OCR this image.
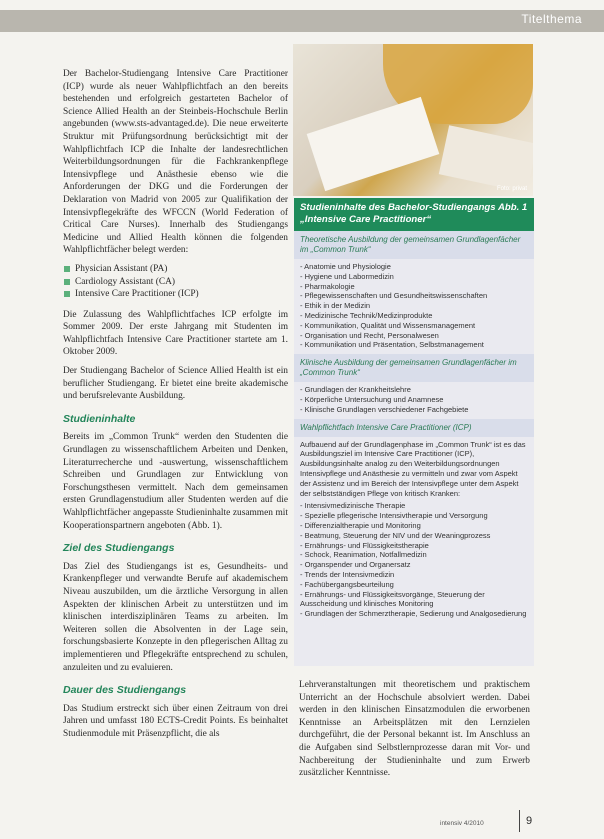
Titelthema

Der Bachelor-Studiengang Intensive Care Practitioner (ICP) wurde als neuer Wahlpflichtfach an den bereits bestehenden und erfolgreich gestarteten Bachelor of Science Allied Health an der Steinbeis-Hochschule Berlin angebunden (www.sts-advantaged.de). Die neue erweiterte Struktur mit Prüfungsordnung berücksichtigt mit der Wahlpflichtfach ICP die Inhalte der landesrechtlichen Weiterbildungsordnungen für die Fachkrankenpflege Intensivpflege und Anästhesie ebenso wie die Anforderungen der DKG und die Forderungen der Deklaration von Madrid von 2005 zur Qualifikation der Intensivpflegekräfte des WFCCN (World Federation of Critical Care Nurses). Innerhalb des Studiengangs Medicine und Allied Health können die folgenden Wahlpflichtfächer belegt werden:

Physician Assistant (PA)
Cardiology Assistant (CA)
Intensive Care Practitioner (ICP)

Die Zulassung des Wahlpflichtfaches ICP erfolgte im Sommer 2009. Der erste Jahrgang mit Studenten im Wahlpflichtfach Intensive Care Practitioner startete am 1. Oktober 2009.

Der Studiengang Bachelor of Science Allied Health ist ein beruflicher Studiengang. Er bietet eine breite akademische und berufsrelevante Ausbildung.

Studieninhalte

Bereits im „Common Trunk“ werden den Studenten die Grundlagen zu wissenschaftlichem Arbeiten und Denken, Literaturrecherche und -auswertung, wissenschaftlichem Schreiben und Grundlagen zur Entwicklung von Forschungsthesen vermittelt. Nach dem gemeinsamen ersten Grundlagenstudium aller Studenten werden auf die Wahlpflichtfächer angepasste Studieninhalte zusammen mit Kooperationspartnern angeboten (Abb. 1).

Ziel des Studiengangs

Das Ziel des Studiengangs ist es, Gesundheits- und Krankenpfleger und verwandte Berufe auf akademischem Niveau auszubilden, um die ärztliche Versorgung in allen Aspekten der klinischen Arbeit zu unterstützen und im klinischen interdisziplinären Teams zu arbeiten. Im Weiteren sollen die Absolventen in der Lage sein, forschungsbasierte Konzepte in den pflegerischen Alltag zu implementieren und Pflegekräfte entsprechend zu schulen, anzuleiten und zu evaluieren.

Dauer des Studiengangs

Das Studium erstreckt sich über einen Zeitraum von drei Jahren und umfasst 180 ECTS-Credit Points. Es beinhaltet Studienmodule mit Präsenzpflicht, die als

Foto: privat
Studieninhalte des Bachelor-Studiengangs Abb. 1
„Intensive Care Practitioner“
Theoretische Ausbildung der gemeinsamen Grundlagenfächer im „Common Trunk“
- Anatomie und Physiologie
- Hygiene und Labormedizin
- Pharmakologie
- Pflegewissenschaften und Gesundheitswissenschaften
- Ethik in der Medizin
- Medizinische Technik/Medizinprodukte
- Kommunikation, Qualität und Wissensmanagement
- Organisation und Recht, Personalwesen
- Kommunikation und Präsentation, Selbstmanagement
Klinische Ausbildung der gemeinsamen Grundlagenfächer im „Common Trunk“
- Grundlagen der Krankheitslehre
- Körperliche Untersuchung und Anamnese
- Klinische Grundlagen verschiedener Fachgebiete
Wahlpflichtfach Intensive Care Practitioner (ICP)
Aufbauend auf der Grundlagenphase im „Common Trunk“ ist es das Ausbildungsziel im Intensive Care Practitioner (ICP), Ausbildungsinhalte analog zu den Weiterbildungsordnungen Intensivpflege und Anästhesie zu vermitteln und zwar vom Aspekt der Assistenz und im Bereich der Intensivpflege unter dem Aspekt der selbstständigen Pflege von kritisch Kranken:
- Intensivmedizinische Therapie
- Spezielle pflegerische Intensivtherapie und Versorgung
- Differenzialtherapie und Monitoring
- Beatmung, Steuerung der NIV und der Weaningprozess
- Ernährungs- und Flüssigkeitstherapie
- Schock, Reanimation, Notfallmedizin
- Organspender und Organersatz
- Trends der Intensivmedizin
- Fachübergangsbeurteilung
- Ernährungs- und Flüssigkeitsvorgänge, Steuerung der Ausscheidung und klinisches Monitoring
- Grundlagen der Schmerztherapie, Sedierung und Analgosedierung
Lehrveranstaltungen mit theoretischem und praktischem Unterricht an der Hochschule absolviert werden. Dabei werden in den klinischen Einsatzmodulen die erworbenen Kenntnisse an Arbeitsplätzen mit den Lernzielen durchgeführt, die der Personal bekannt ist. Im Anschluss an die Aufgaben sind Selbstlernprozesse daran mit Vor- und Nachbereitung der Studieninhalte und zum Erwerb zusätzlicher Kenntnisse.
intensiv 4/2010	9
